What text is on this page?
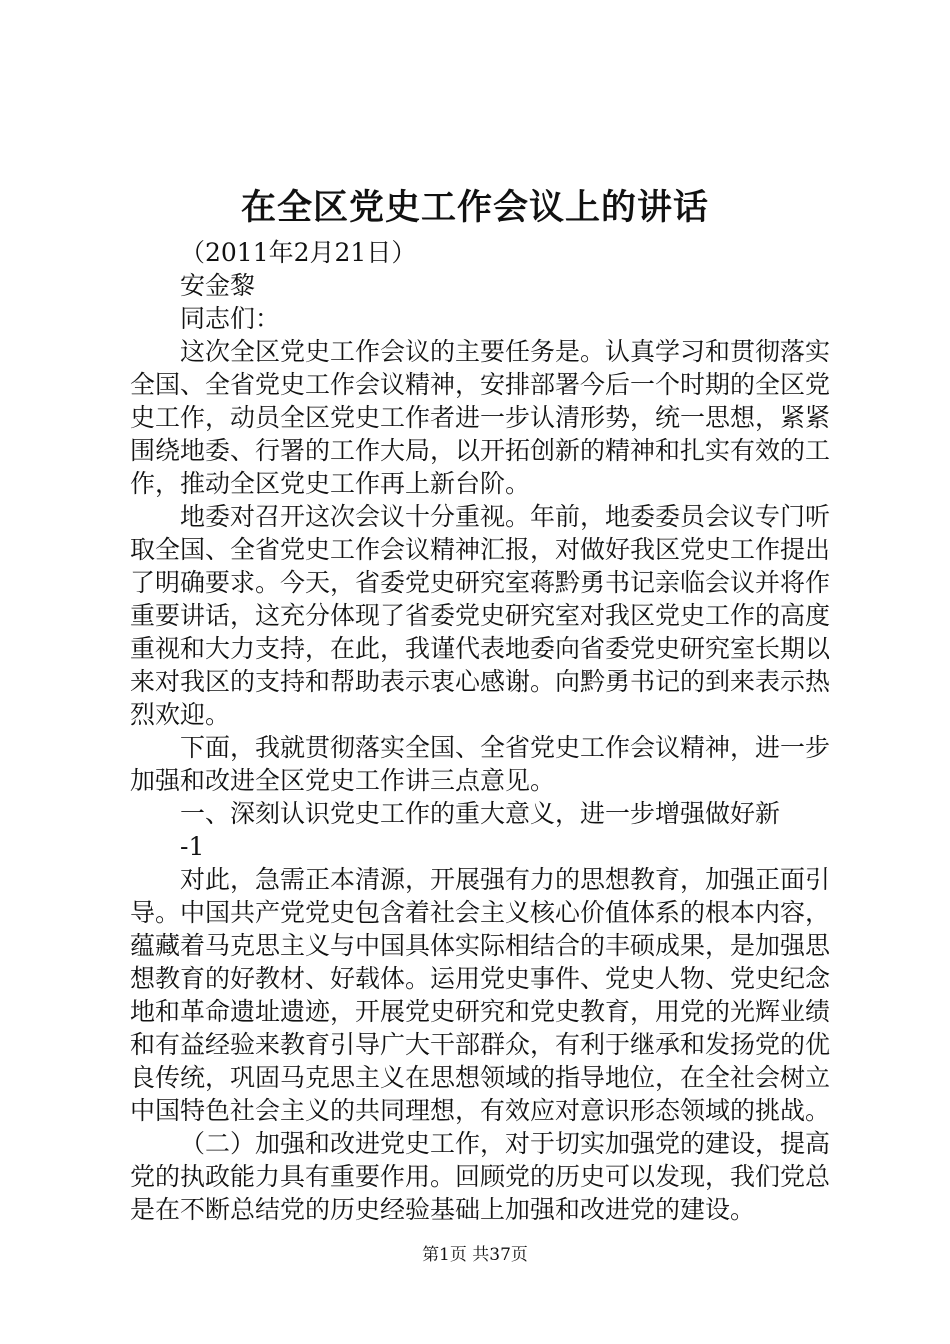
在全区党史工作会议上的讲话
（2011年2月21日）
安金黎
同志们：

这次全区党史工作会议的主要任务是。认真学习和贯彻落实全国、全省党史工作会议精神，安排部署今后一个时期的全区党史工作，动员全区党史工作者进一步认清形势，统一思想，紧紧围绕地委、行署的工作大局，以开拓创新的精神和扎实有效的工作，推动全区党史工作再上新台阶。

地委对召开这次会议十分重视。年前，地委委员会议专门听取全国、全省党史工作会议精神汇报，对做好我区党史工作提出了明确要求。今天，省委党史研究室蒋黔勇书记亲临会议并将作重要讲话，这充分体现了省委党史研究室对我区党史工作的高度重视和大力支持，在此，我谨代表地委向省委党史研究室长期以来对我区的支持和帮助表示衷心感谢。向黔勇书记的到来表示热烈欢迎。

下面，我就贯彻落实全国、全省党史工作会议精神，进一步加强和改进全区党史工作讲三点意见。

一、深刻认识党史工作的重大意义，进一步增强做好新
-1

对此，急需正本清源，开展强有力的思想教育，加强正面引导。中国共产党党史包含着社会主义核心价值体系的根本内容，蕴藏着马克思主义与中国具体实际相结合的丰硕成果，是加强思想教育的好教材、好载体。运用党史事件、党史人物、党史纪念地和革命遗址遗迹，开展党史研究和党史教育，用党的光辉业绩和有益经验来教育引导广大干部群众，有利于继承和发扬党的优良传统，巩固马克思主义在思想领域的指导地位，在全社会树立中国特色社会主义的共同理想，有效应对意识形态领域的挑战。

（二）加强和改进党史工作，对于切实加强党的建设，提高党的执政能力具有重要作用。回顾党的历史可以发现，我们党总是在不断总结党的历史经验基础上加强和改进党的建设。

第1页 共37页
